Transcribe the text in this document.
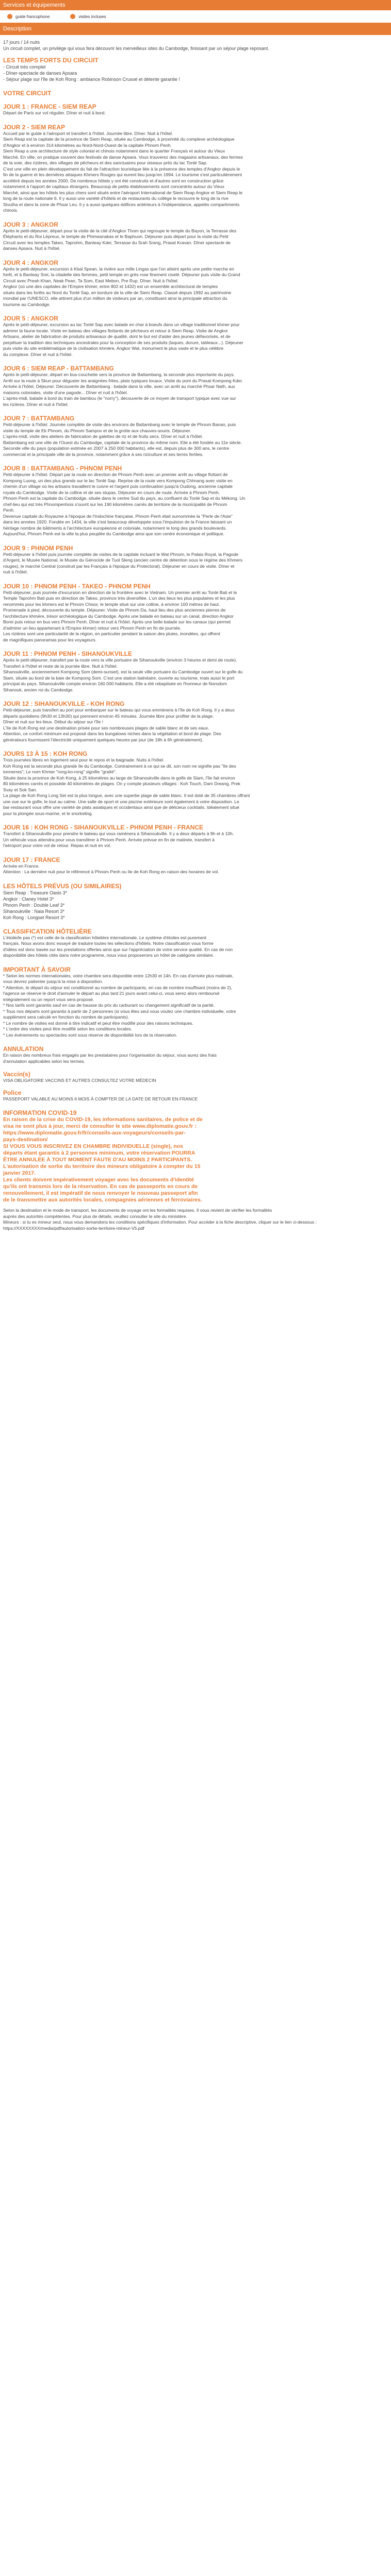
Services et équipements
guide francophone	visites incluses
Description

17 jours / 14 nuits

Un circuit complet, un privilège qui vous fera découvrir les merveilleux sites du Cambodge, finissant par un séjour plage reposant.

LES TEMPS FORTS DU CIRCUIT

- Circuit très complet

- Dîner-spectacle de danses Apsara

- Séjour plage sur l'île de Koh Rong : ambiance Robinson Crusoé et détente garantie !

VOTRE CIRCUIT
JOUR 1 : FRANCE - SIEM REAP

Départ de Paris sur vol régulier. Dîner et nuit à bord.

JOUR 2 - SIEM REAP

Accueil par le guide à l'aéroport et transfert à l'hôtel. Journée libre. Dîner. Nuit à l'hôtel.

Siem Reap est la capitale de la province de Siem Reap, située au Cambodge, à proximité du complexe archéologique

d'Angkor et à environ 314 kilomètres au Nord-Nord-Ouest de la capitale Phnom Penh.

Siem Reap a une architecture de style colonial et chinois notamment dans le quartier Français et autour du Vieux

Marché. En ville, on pratique souvent des festivals de danse Apsara. Vous trouverez des magasins artisanaux, des fermes

de la soie, des rizières, des villages de pêcheurs et des sanctuaires pour oiseaux près du lac Tonlé Sap.

C'est une ville en plein développement du fait de l'attraction touristique liée à la présence des temples d'Angkor depuis le

fin de la guerre et les dernières attaques Khmers Rouges qui eurent lieu jusqu'en 1994. Le tourisme s'est particulièrement

accéléré depuis les années 2000. De nombreux hôtels y ont été construits et d'autres sont en construction grâce

notamment à l'apport de capitaux étrangers. Beaucoup de petits établissements sont concentrés autour du Vieux

Marché, ainsi que les hôtels les plus chers sont situés entre l'aéroport International de Siem Reap Angkor et Siem Reap le

long de la route nationale 6. Il y aussi une variété d'hôtels et de restaurants du collège le recouvre le long de la rive

Sivutha et dans la zone de Phsar Leu. Il y a aussi quelques édifices antérieurs à l'indépendance, appelés compartiments

chinois.

JOUR 3 : ANGKOR

Après le petit-déjeuner, départ pour la visite de la cité d'Angkor Thom qui regroupe le temple du Bayon, la Terrasse des

Éléphants et du Roi Lépreux, le temple de Phimeanakas et le Baphuon. Déjeuner puis départ pour la visite du Petit

Circuit avec les temples Takeo, Taprohm, Banteay Kdei, Terrasse du Srah Srang, Prasat Kravan. Dîner spectacle de

danses Apsara. Nuit à l'hôtel.

JOUR 4 : ANGKOR

Après le petit-déjeuner, excursion à Kbal Spean, la rivière aux mille Lingas que l'on atteint après une petite marche en

forêt, et à Banteay Srei, la citadelle des femmes, petit temple en grès rose finement ciselé. Déjeuner puis visite du Grand

Circuit avec Preah Khan, Neak Pean, Ta Som, East Mebon, Pre Rup. Dîner. Nuit à l'hôtel.

Angkor (où une des capitales de l'Empire khmer, entre 802 et 1432) est un ensemble architectural de temples

situés dans les forêts au Nord du Tonlé Sap, en bordure de la ville de Siem Reap. Classé depuis 1992 au patrimoine

mondial par l'UNESCO, elle attirent plus d'un million de visiteurs par an, constituant ainsi la principale attraction du

tourisme au Cambodge.

JOUR 5 : ANGKOR

Après le petit-déjeuner, excursion au lac Tonlé Sap avec balade en char à boeufs dans un village traditionnel khmer pour

admirer la faune locale. Visite en bateau des villages flottants de pêcheurs et retour à Siem Reap. Visite de Angkor

Artisans, atelier de fabrication de produits artisanaux de qualité, dont le but est d'aider des jeunes défavorisés, et de

perpétuer la tradition des techniques ancestrales pour la conception de ses produits (laques, dorure, tableaux...). Déjeuner

puis visite du site emblématique de la civilisation khmère, Angkor Wat, monument le plus vaste et le plus célèbre

du complexe. Dîner et nuit à l'hôtel.

JOUR 6 : SIEM REAP - BATTAMBANG

Après le petit-déjeuner, départ en bus-couchette vers la province de Battambang, la seconde plus importante du pays.

Arrêt sur la route à Skun pour déguster les araignées frites, plats typiques locaux. Visite du pont du Prasat Kompong Kdei.

Arrivée à l'hôtel. Déjeuner. Découverte de Battambang : balade dans la ville, avec un arrêt au marché Phsar Nath, aux

maisons coloniales, visite d'une pagode... Dîner et nuit à l'hôtel.

L'après-midi, balade à bord du train de bambou (le "norry"), découverte de ce moyen de transport typique avec vue sur

les rizières. Dîner et nuit à l'hôtel.

JOUR 7 : BATTAMBANG

Petit-déjeuner à l'hôtel. Journée complète de visite des environs de Battambang avec le temple de Phnom Banan, puis

visite du temple de Ek Phnom, du Phnom Sampov et de la grotte aux chauves-souris. Déjeuner.

L'après-midi, visite des ateliers de fabrication de galettes de riz et de fruits secs. Dîner et nuit à l'hôtel.

Battambang est une ville de l'Ouest du Cambodge, capitale de la province du même nom. Elle a été fondée au 11e siècle.

Seconde ville du pays (population estimée en 2007 à 250 000 habitants), elle est, depuis plus de 300 ans, le centre

commercial et la principale ville de la province, notamment grâce à ses riziculture et ses terres fertiles.

JOUR 8 : BATTAMBANG - PHNOM PENH

Petit-déjeuner à l'hôtel. Départ par la route en direction de Phnom Penh avec un premier arrêt au village flottant de

Kompong Luong, un des plus grands sur le lac Tonlé Sap. Reprise de la route vers Kompong Chhnang avec visite en

chemin d'un village où les artisans travaillent le cuivre et l'argent puis continuation jusqu'à Oudong, ancienne capitale

royale du Cambodge. Visite de la colline et de ses stupas. Déjeuner en cours de route. Arrivée à Phnom Penh.

Phnom Penh est la capitale du Cambodge, située dans le centre Sud du pays, au confluent du Tonlé Sap et du Mékong. Un

chef-lieu qui est très Phnompenhois s'ouvrit sur les 190 kilomètres carrés de territoire de la municipalité de Phnom

Penh.

Devenue capitale du Royaume à l'époque de l'Indochine française, Phnom Penh était surnommée la "Perle de l'Asie"

dans les années 1920. Fondée en 1434, la ville s'est beaucoup développée sous l'impulsion de la France laissant un

héritage nombre de bâtiments à l'architecture européenne et coloniale, notamment le long des grands boulevards.

Aujourd'hui, Phnom Penh est la ville la plus peuplée du Cambodge ainsi que son centre économique et politique.

JOUR 9 : PHNOM PENH

Petit-déjeuner à l'hôtel puis journée complète de visites de la capitale incluant le Wat Phnom, le Palais Royal, la Pagode

d'Argent, le Musée National, le Musée du Génocide de Tuol Sleng (ancien centre de détention sous le régime des Khmers

rouges), le marché Central (construit par les Français à l'époque du Protectorat). Déjeuner en cours de visite. Dîner et

nuit à l'hôtel.

JOUR 10 : PHNOM PENH - TAKEO - PHNOM PENH

Petit-déjeuner, puis journée d'excursion en direction de la frontière avec le Vietnam. Un premier arrêt au Tonlé Bati et le

Temple Taprohm Bati puis en direction de Takeo, province très diversifiée. L'un des lieux les plus populaires et les plus

renommés pour les khmers est le Phnom Chisor, le temple situé sur une colline, à environ 100 mètres de haut.

Promenade à pied, découverte du temple. Déjeuner. Visite de Phnom Da, haut lieu des plus anciennes pierres de

l'architecture khmère, trésor archéologique du Cambodge. Après une balade en bateau sur un canal, direction Angkor

Borei puis retour en bus vers Phnom Penh. Dîner et nuit à l'hôtel. Après une belle balade sur les canaux (qui permet

d'admirer un lieu appartenant à l'Empire khmer) retour vers Phnom Penh en fin de journée.

Les rizières sont une particularité de la région, en particulier pendant la saison des pluies, inondées, qui offrent

de magnifiques panoramas pour les voyageurs.

JOUR 11 : PHNOM PENH - SIHANOUKVILLE

Après le petit-déjeuner, transfert par la route vers la ville portuaire de Sihanoukville (environ 3 heures et demi de route).

Transfert à l'hôtel et reste de la journée libre. Nuit à l'hôtel.

Sihanoukville, anciennement Kompong Som (demi-sunset), est la seule ville portuaire du Cambodge ouvert sur le golfe du

Siam, située au bord de la baie de Kompong Som. C'est une station balnéaire, ouverte au tourisme, mais aussi le port

principal du pays. Sihanoukville compte environ 160 000 habitants. Elle a été rebaptisée en l'honneur de Norodom

Sihanouk, ancien roi du Cambodge.

JOUR 12 : SIHANOUKVILLE - KOH RONG

Petit-déjeuner, puis transfert au port pour embarquer sur le bateau qui vous emmènera à l'île de Koh Rong. Il y a deux

départs quotidiens (9h30 et 13h30) qui prennent environ 45 minutes. Journée libre pour profiter de la plage.

Dîner et nuit sur les lieux. Début du séjour sur l'île !

L'île de Koh Rong est une destination prisée pour ses nombreuses plages de sable blanc et de ses eaux.

Attention, ce confort minimum est proposé dans les bungalows niches dans la végétation et bord de plage. Des

générateurs fournissent l'électricité uniquement quelques heures par jour (de 18h à 6h généralement).

JOURS 13 À 15 : KOH RONG

Trois journées libres en logement seul pour le repos et la baignade. Nuits à l'hôtel.

Koh Rong est la seconde plus grande île du Cambodge. Contrairement à ce qui se dit, son nom ne signifie pas "île des

tonnerres"; Le nom Khmer "rong-ko-rong" signifie "gratté".

Située dans la province de Koh Kong, à 25 kilomètres au large de Sihanoukville dans le golfe de Siam, l'île fait environ

80 kilomètres carrés et possède 40 kilomètres de plages. On y compte plusieurs villages : Koh Touch, Dam Dreang, Prek

Svay et Sok San.

La plage de Koh Rong Long Set est la plus longue, avec une superbe plage de sable blanc. Il est doté de 35 chambres offrant

une vue sur le golfe, le tout au calme. Une salle de sport et une piscine extérieure sont également à votre disposition. Le

bar-restaurant vous offre une variété de plats asiatiques et occidentaux ainsi que de délicieux cocktails. Idéalement situé

pour la plongée sous-marine, et le snorkeling.

JOUR 16 : KOH RONG - SIHANOUKVILLE - PHNOM PENH - FRANCE

Transfert à Sihanoukville pour prendre le bateau qui vous ramènera à Sihanoukville. Il y a deux départs à 9h et à 10h.

Un véhicule vous attendra pour vous transférer à Phnom Penh. Arrivée prévue en fin de matinée, transfert à

l'aéroport pour votre vol de retour. Repas et nuit en vol.

JOUR 17 : FRANCE

Arrivée en France.

Attention : La dernière nuit pour le référencé à Phnom Penh ou Ile de Koh Rong en raison des horaires de vol.

LES HÔTELS PRÉVUS (OU SIMILAIRES)

Siem Reap : Treasure Oasis 3*

Angkor : Claney Hotel 3*

Phnom Penh : Double Leaf 3*

Sihanoukville : Naia Resort 3*

Koh Rong : Longset Resort 3*

CLASSIFICATION HÔTELIÈRE

L'étoile/le pas (*) est celle de la classification hôtelière internationale. Le système d'étoiles est purement

français. Nous avons donc essayé de traduire toutes les sélections d'hôtels. Notre classification vous forme

d'idées est donc basée sur les prestations offertes ainsi que sur l'appréciation de votre service qualité. En cas de non

disponibilité des hôtels cités dans notre programme, nous vous proposerons un hôtel de catégorie similaire.

IMPORTANT À SAVOIR

* Selon les normes internationales, votre chambre sera disponible entre 12h30 et 14h. En cas d'arrivée plus matinale,

vous devrez patienter jusqu'à la mise à disposition.

* Attention, le départ du séjour est conditionné au nombre de participants, en cas de nombre insuffisant (moins de 2),

l'agence se réserve le droit d'annuler le départ au plus tard 21 jours avant celui-ci, vous serez alors remboursé

intégralement ou un report vous sera proposé.

* Nos tarifs sont garantis sauf en cas de hausse du prix du carburant ou changement significatif de la parité.

* Tous nos départs sont garantis à partir de 2 personnes (si vous êtes seul vous voulez une chambre individuelle, votre

supplément sera calculé en fonction du nombre de participants).

* Le nombre de visites est donné à titre indicatif et peut être modifié pour des raisons techniques.

* L'ordre des visites peut être modifié selon les conditions locales.

* Les événements ou spectacles sont sous réserve de disponibilité lors de la réservation.

ANNULATION

En raison des nombreux frais engagés par les prestataires pour l'organisation du séjour, vous aurez des frais

d'annulation applicables selon les termes.

Vaccin(s)

VISA OBLIGATOIRE VACCINS ET AUTRES CONSULTEZ VOTRE MÉDECIN

Police

PASSEPORT VALABLE AU MOINS 6 MOIS À COMPTER DE LA DATE DE RETOUR EN FRANCE

INFORMATION COVID-19

En raison de la crise du COVID-19, les informations sanitaires, de police et de

visa ne sont plus à jour, merci de consulter le site www.diplomatie.gouv.fr :

https://www.diplomatie.gouv.fr/fr/conseils-aux-voyageurs/conseils-par-

pays-destination/

SI VOUS VOUS INSCRIVEZ EN CHAMBRE INDIVIDUELLE (single), nos

départs étant garantis à 2 personnes minimum, votre réservation POURRA

ÊTRE ANNULÉE À TOUT MOMENT FAUTE D'AU MOINS 2 PARTICIPANTS.

L'autorisation de sortie du territoire des mineurs obligatoire à compter du 15

janvier 2017.

Les clients doivent impérativement voyager avec les documents d'identité

qu'ils ont transmis lors de la réservation. En cas de passeports en cours de

renouvellement, il est impératif de nous renvoyer le nouveau passeport afin

de le transmettre aux autorités locales, compagnies aériennes et ferroviaires.

Selon la destination et le mode de transport, les documents de voyage ont les formalités requises. Il vous revient de vérifier les formalités

auprès des autorités compétentes. Pour plus de détails, veuillez consulter le site du ministère.

Mineurs : si tu es mineur seul, nous vous demandons les conditions spécifiques d'information. Pour accéder à la fiche descriptive, cliquer sur le lien ci-dessous :

https://XXXXXXXX/media/pdf/autorisation-sortie-territoire-mineur-V5.pdf
